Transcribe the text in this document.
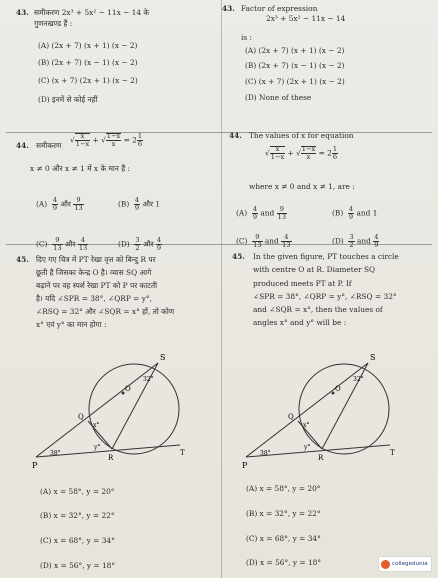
43. समीकरण 2x³ + 5x² − 11x − 14 के
गुणनखण्ड हैं :
(A) (2x + 7) (x + 1) (x − 2)
(B) (2x + 7) (x − 1) (x − 2)
(C) (x + 7) (2x + 1) (x − 2)
(D) इनमें से कोई नहीं
43. Factor of expression
2x³ + 5x² − 11x − 14
is :
(A) (2x + 7) (x + 1) (x − 2)
(B) (2x + 7) (x − 1) (x − 2)
(C) (x + 7) (2x + 1) (x − 2)
(D) None of these
44. समीकरण
√ $\frac{x}{1-x}$ + √ $\frac{1-x}{x} = 2 \frac{1}{6}$
x ≠ 0 और x ≠ 1 में x के मान हैं :
$(A) \frac{4}{9}$ और $\frac{9}{13}$	$(B) \frac{4}{9}$ और 1
$(C) \frac{9}{13}$ और $\frac{4}{13}$	$(D) \frac{3}{2}$ और $\frac{4}{9}$
44. The values of x for equation
√ $\frac{x}{1-x}$ + √ $\frac{1-x}{x} = 2 \frac{1}{6}$
where x ≠ 0 and x ≠ 1, are :
$(A) \frac{4}{9}$ and $\frac{9}{13}$	$(B) \frac{4}{9}$ and 1
$(C) \frac{9}{13}$ and $\frac{4}{13}$	$(D) \frac{3}{2}$ and $\frac{4}{9}$
45. दिए गए चित्र में PT रेखा वृत्त को बिन्दु R पर
छूती है जिसका केन्द्र O है। व्यास SQ आगे
बढ़ाने पर वह स्पर्श रेखा PT को P पर काटती
है। यदि ∠SPR = 38°, ∠QRP = y°,
∠RSQ = 32° और ∠SQR = x° हों, तो कोण
x° एवं y° का मान होगा :
45. In the given figure, PT touches a circle
with centre O at R. Diameter SQ
produced meets PT at P. If
∠SPR = 38°, ∠QRP = y°, ∠RSQ = 32°
and ∠SQR = x°, then the values of
angles x° and y° will be :
S
O
Q
P
R
T
x°
y°
38°
32°
S
O
Q
P
R
T
x°
y°
38°
32°
(A) x = 58°, y = 20°
(B) x = 32°, y = 22°
(C) x = 68°, y = 34°
(D) x = 56°, y = 18°
(A) x = 58°, y = 20°
(B) x = 32°, y = 22°
(C) x = 68°, y = 34°
(D) x = 56°, y = 18°	collegedunia
